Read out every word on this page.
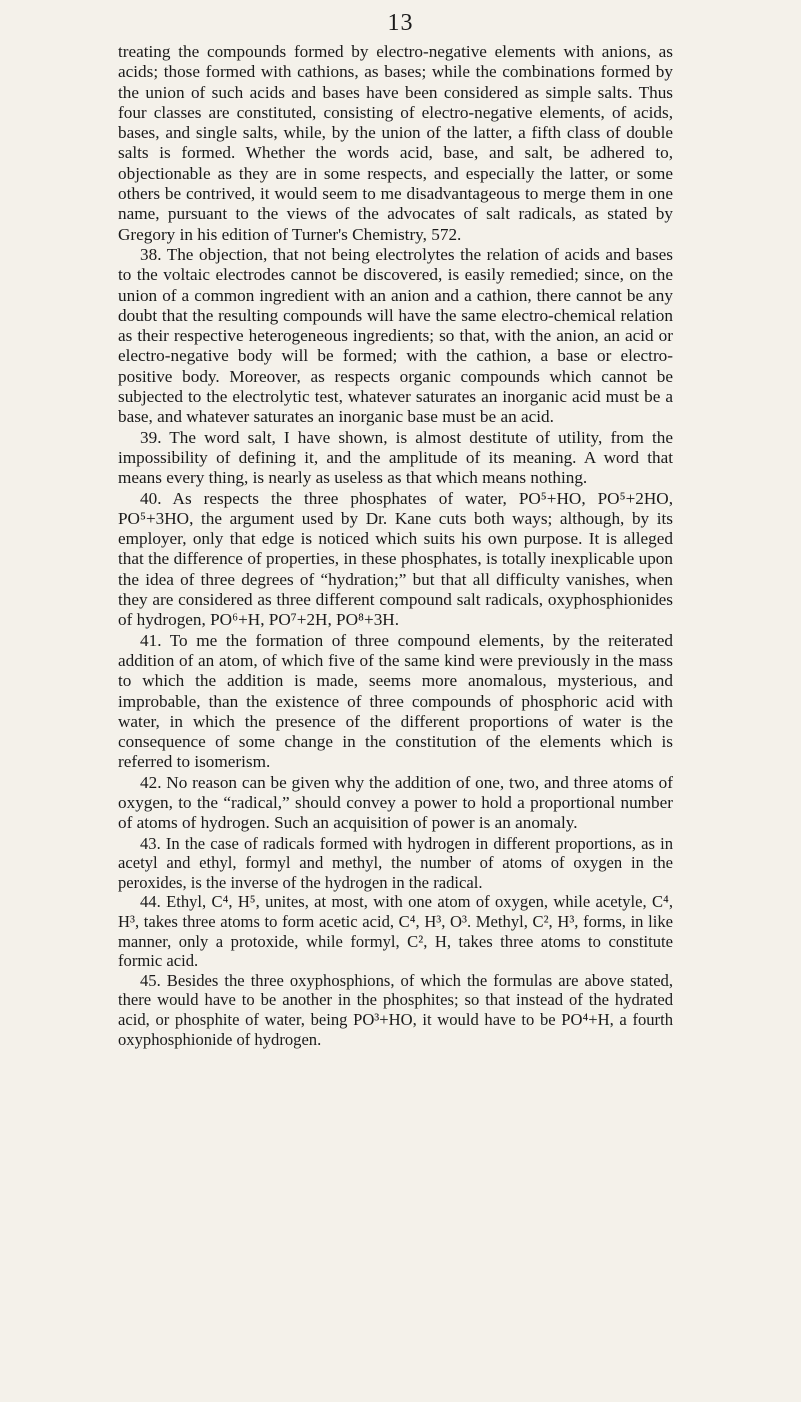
13

treating the compounds formed by electro-negative elements with anions, as acids; those formed with cathions, as bases; while the combinations formed by the union of such acids and bases have been considered as simple salts. Thus four classes are constituted, consisting of electro-negative elements, of acids, bases, and single salts, while, by the union of the latter, a fifth class of double salts is formed. Whether the words acid, base, and salt, be adhered to, objectionable as they are in some respects, and especially the latter, or some others be contrived, it would seem to me disadvantageous to merge them in one name, pursuant to the views of the advocates of salt radicals, as stated by Gregory in his edition of Turner's Chemistry, 572.

38. The objection, that not being electrolytes the relation of acids and bases to the voltaic electrodes cannot be discovered, is easily remedied; since, on the union of a common ingredient with an anion and a cathion, there cannot be any doubt that the resulting compounds will have the same electro-chemical relation as their respective heterogeneous ingredients; so that, with the anion, an acid or electro-negative body will be formed; with the cathion, a base or electro-positive body. Moreover, as respects organic compounds which cannot be subjected to the electrolytic test, whatever saturates an inorganic acid must be a base, and whatever saturates an inorganic base must be an acid.

39. The word salt, I have shown, is almost destitute of utility, from the impossibility of defining it, and the amplitude of its meaning. A word that means every thing, is nearly as useless as that which means nothing.

40. As respects the three phosphates of water, PO⁵+HO, PO⁵+2HO, PO⁵+3HO, the argument used by Dr. Kane cuts both ways; although, by its employer, only that edge is noticed which suits his own purpose. It is alleged that the difference of properties, in these phosphates, is totally inexplicable upon the idea of three degrees of “hydration;” but that all difficulty vanishes, when they are considered as three different compound salt radicals, oxyphosphionides of hydrogen, PO⁶+H, PO⁷+2H, PO⁸+3H.

41. To me the formation of three compound elements, by the reiterated addition of an atom, of which five of the same kind were previously in the mass to which the addition is made, seems more anomalous, mysterious, and improbable, than the existence of three compounds of phosphoric acid with water, in which the presence of the different proportions of water is the consequence of some change in the constitution of the elements which is referred to isomerism.

42. No reason can be given why the addition of one, two, and three atoms of oxygen, to the “radical,” should convey a power to hold a proportional number of atoms of hydrogen. Such an acquisition of power is an anomaly.

43. In the case of radicals formed with hydrogen in different proportions, as in acetyl and ethyl, formyl and methyl, the number of atoms of oxygen in the peroxides, is the inverse of the hydrogen in the radical.

44. Ethyl, C⁴, H⁵, unites, at most, with one atom of oxygen, while acetyle, C⁴, H³, takes three atoms to form acetic acid, C⁴, H³, O³. Methyl, C², H³, forms, in like manner, only a protoxide, while formyl, C², H, takes three atoms to constitute formic acid.

45. Besides the three oxyphosphions, of which the formulas are above stated, there would have to be another in the phosphites; so that instead of the hydrated acid, or phosphite of water, being PO³+HO, it would have to be PO⁴+H, a fourth oxyphosphionide of hydrogen.
